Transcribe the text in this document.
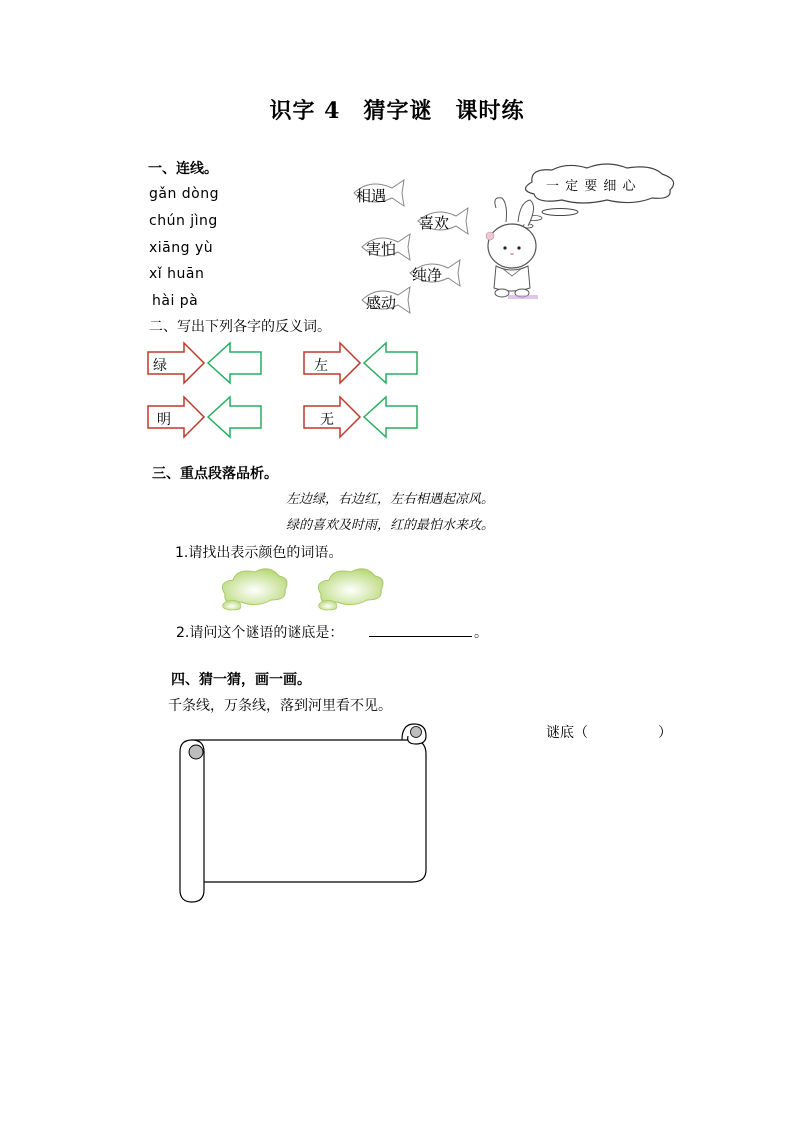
识字 4　猜字谜　课时练
一、连线。
gǎn dòng
chún jìng
xiāng yù
xǐ huān
hài pà
相遇
喜欢
害怕
纯净
感动
一 定 要 细 心
二、写出下列各字的反义词。
绿	左
明	无
三、重点段落品析。
左边绿，右边红，左右相遇起凉风。
绿的喜欢及时雨，红的最怕水来攻。
1.请找出表示颜色的词语。
2.请问这个谜语的谜底是：	。
四、猜一猜，画一画。
千条线，万条线，落到河里看不见。
谜底（	）
